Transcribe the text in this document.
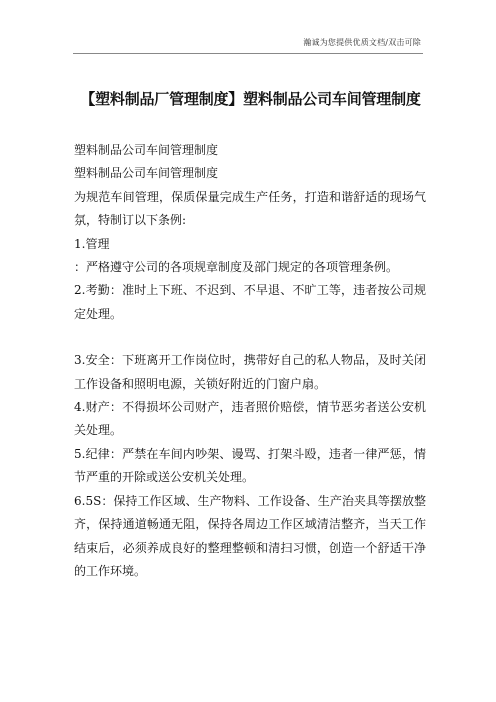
瀚诚为您提供优质文档/双击可除
【塑料制品厂管理制度】塑料制品公司车间管理制度

塑料制品公司车间管理制度

塑料制品公司车间管理制度

为规范车间管理，保质保量完成生产任务，打造和谐舒适的现场气氛，特制订以下条例:

1.管理

：严格遵守公司的各项规章制度及部门规定的各项管理条例。

2.考勤：准时上下班、不迟到、不早退、不旷工等，违者按公司规定处理。

3.安全：下班离开工作岗位时，携带好自己的私人物品，及时关闭工作设备和照明电源，关锁好附近的门窗户扇。

4.财产：不得损坏公司财产，违者照价赔偿，情节恶劣者送公安机关处理。

5.纪律：严禁在车间内吵架、谩骂、打架斗殴，违者一律严惩，情节严重的开除或送公安机关处理。

6.5S：保持工作区域、生产物料、工作设备、生产治夹具等摆放整齐，保持通道畅通无阻，保持各周边工作区域清洁整齐，当天工作结束后，必须养成良好的整理整顿和清扫习惯，创造一个舒适干净的工作环境。
